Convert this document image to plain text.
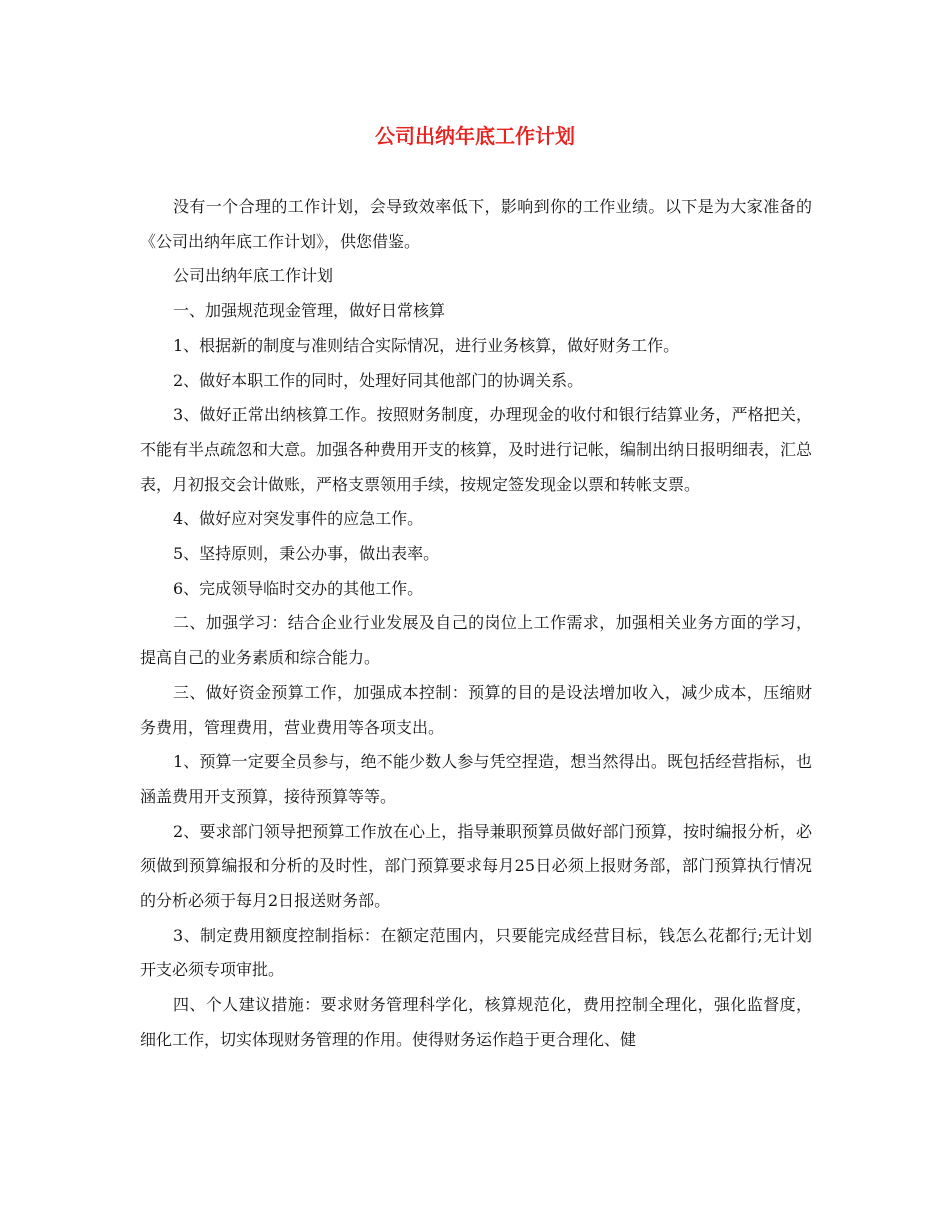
公司出纳年底工作计划

没有一个合理的工作计划，会导致效率低下，影响到你的工作业绩。以下是为大家准备的《公司出纳年底工作计划》，供您借鉴。

公司出纳年底工作计划

一、加强规范现金管理，做好日常核算

1、根据新的制度与准则结合实际情况，进行业务核算，做好财务工作。

2、做好本职工作的同时，处理好同其他部门的协调关系。

3、做好正常出纳核算工作。按照财务制度，办理现金的收付和银行结算业务，严格把关，不能有半点疏忽和大意。加强各种费用开支的核算，及时进行记帐，编制出纳日报明细表，汇总表，月初报交会计做账，严格支票领用手续，按规定签发现金以票和转帐支票。

4、做好应对突发事件的应急工作。

5、坚持原则，秉公办事，做出表率。

6、完成领导临时交办的其他工作。

二、加强学习：结合企业行业发展及自己的岗位上工作需求，加强相关业务方面的学习，提高自己的业务素质和综合能力。

三、做好资金预算工作，加强成本控制：预算的目的是设法增加收入，减少成本，压缩财务费用，管理费用，营业费用等各项支出。

1、预算一定要全员参与，绝不能少数人参与凭空捏造，想当然得出。既包括经营指标，也涵盖费用开支预算，接待预算等等。

2、要求部门领导把预算工作放在心上，指导兼职预算员做好部门预算，按时编报分析，必须做到预算编报和分析的及时性，部门预算要求每月25日必须上报财务部，部门预算执行情况的分析必须于每月2日报送财务部。

3、制定费用额度控制指标：在额定范围内，只要能完成经营目标，钱怎么花都行;无计划开支必须专项审批。

四、个人建议措施：要求财务管理科学化，核算规范化，费用控制全理化，强化监督度，细化工作，切实体现财务管理的作用。使得财务运作趋于更合理化、健
